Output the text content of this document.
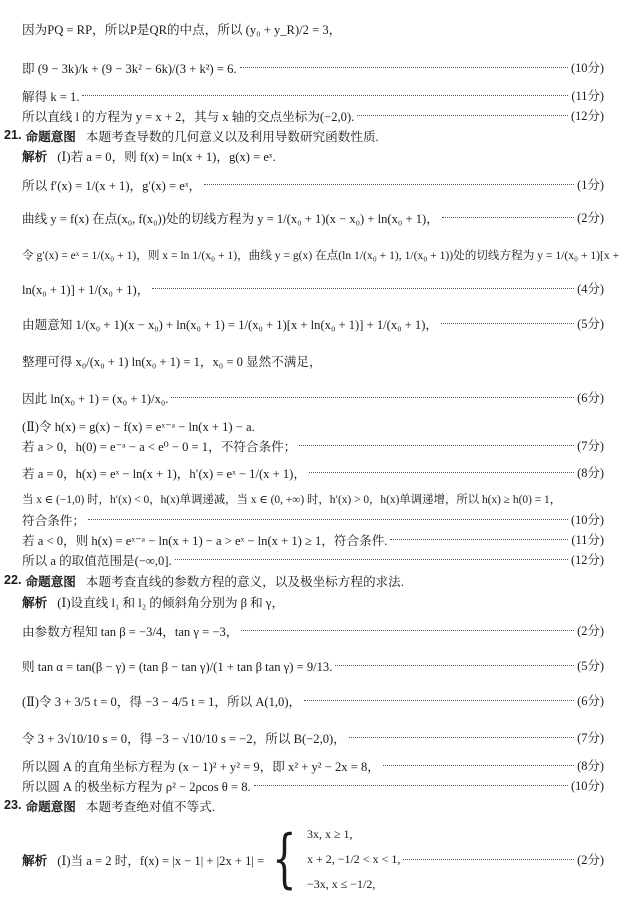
因为PQ = RP，所以P是QR的中点，所以 (y₀ + y_R)/2 = 3，
即 (9 − 3k)/k + (9 − 3k² − 6k)/(3 + k²) = 6.	(10分)
解得 k = 1.	(11分)
所以直线 l 的方程为 y = x + 2，其与 x 轴的交点坐标为(−2,0).	(12分)
21. 命题意图 本题考查导数的几何意义以及利用导数研究函数性质.
解析 (Ⅰ)若 a = 0，则 f(x) = ln(x + 1)，g(x) = eˣ.
所以 f′(x) = 1/(x + 1)，g′(x) = eˣ，	(1分)
曲线 y = f(x) 在点(x₀, f(x₀))处的切线方程为 y = 1/(x₀ + 1)(x − x₀) + ln(x₀ + 1)，	(2分)
令 g′(x) = eˣ = 1/(x₀ + 1)，则 x = ln 1/(x₀ + 1)，曲线 y = g(x) 在点(ln 1/(x₀ + 1), 1/(x₀ + 1))处的切线方程为 y = 1/(x₀ + 1)[x +
ln(x₀ + 1)] + 1/(x₀ + 1)，	(4分)
由题意知 1/(x₀ + 1)(x − x₀) + ln(x₀ + 1) = 1/(x₀ + 1)[x + ln(x₀ + 1)] + 1/(x₀ + 1)，	(5分)
整理可得 x₀/(x₀ + 1) ln(x₀ + 1) = 1，x₀ = 0 显然不满足，
因此 ln(x₀ + 1) = (x₀ + 1)/x₀.	(6分)
(Ⅱ)令 h(x) = g(x) − f(x) = eˣ⁻ᵃ − ln(x + 1) − a.
若 a > 0，h(0) = e⁻ᵃ − a < e⁰ − 0 = 1，不符合条件；	(7分)
若 a = 0，h(x) = eˣ − ln(x + 1)，h′(x) = eˣ − 1/(x + 1)，	(8分)
当 x ∈ (−1,0) 时，h′(x) < 0，h(x)单调递减，当 x ∈ (0, +∞) 时，h′(x) > 0，h(x)单调递增，所以 h(x) ≥ h(0) = 1，
符合条件；	(10分)
若 a < 0，则 h(x) = eˣ⁻ᵃ − ln(x + 1) − a > eˣ − ln(x + 1) ≥ 1，符合条件.	(11分)
所以 a 的取值范围是(−∞,0].	(12分)
22. 命题意图 本题考查直线的参数方程的意义，以及极坐标方程的求法.
解析 (Ⅰ)设直线 l₁ 和 l₂ 的倾斜角分别为 β 和 γ，
由参数方程知 tan β = −3/4，tan γ = −3，	(2分)
则 tan α = tan(β − γ) = (tan β − tan γ)/(1 + tan β tan γ) = 9/13.	(5分)
(Ⅱ)令 3 + 3/5 t = 0，得 −3 − 4/5 t = 1，所以 A(1,0)，	(6分)
令 3 + 3√10/10 s = 0，得 −3 − √10/10 s = −2，所以 B(−2,0)，	(7分)
所以圆 A 的直角坐标方程为 (x − 1)² + y² = 9，即 x² + y² − 2x = 8，	(8分)
所以圆 A 的极坐标方程为 ρ² − 2ρcos θ = 8.	(10分)
23. 命题意图 本题考查绝对值不等式.
解析 (Ⅰ)当 a = 2 时，f(x) = |x − 1| + |2x + 1| = { 3x, x ≥ 1,
x + 2, −1/2 < x < 1,
−3x, x ≤ −1/2,
(2分)
